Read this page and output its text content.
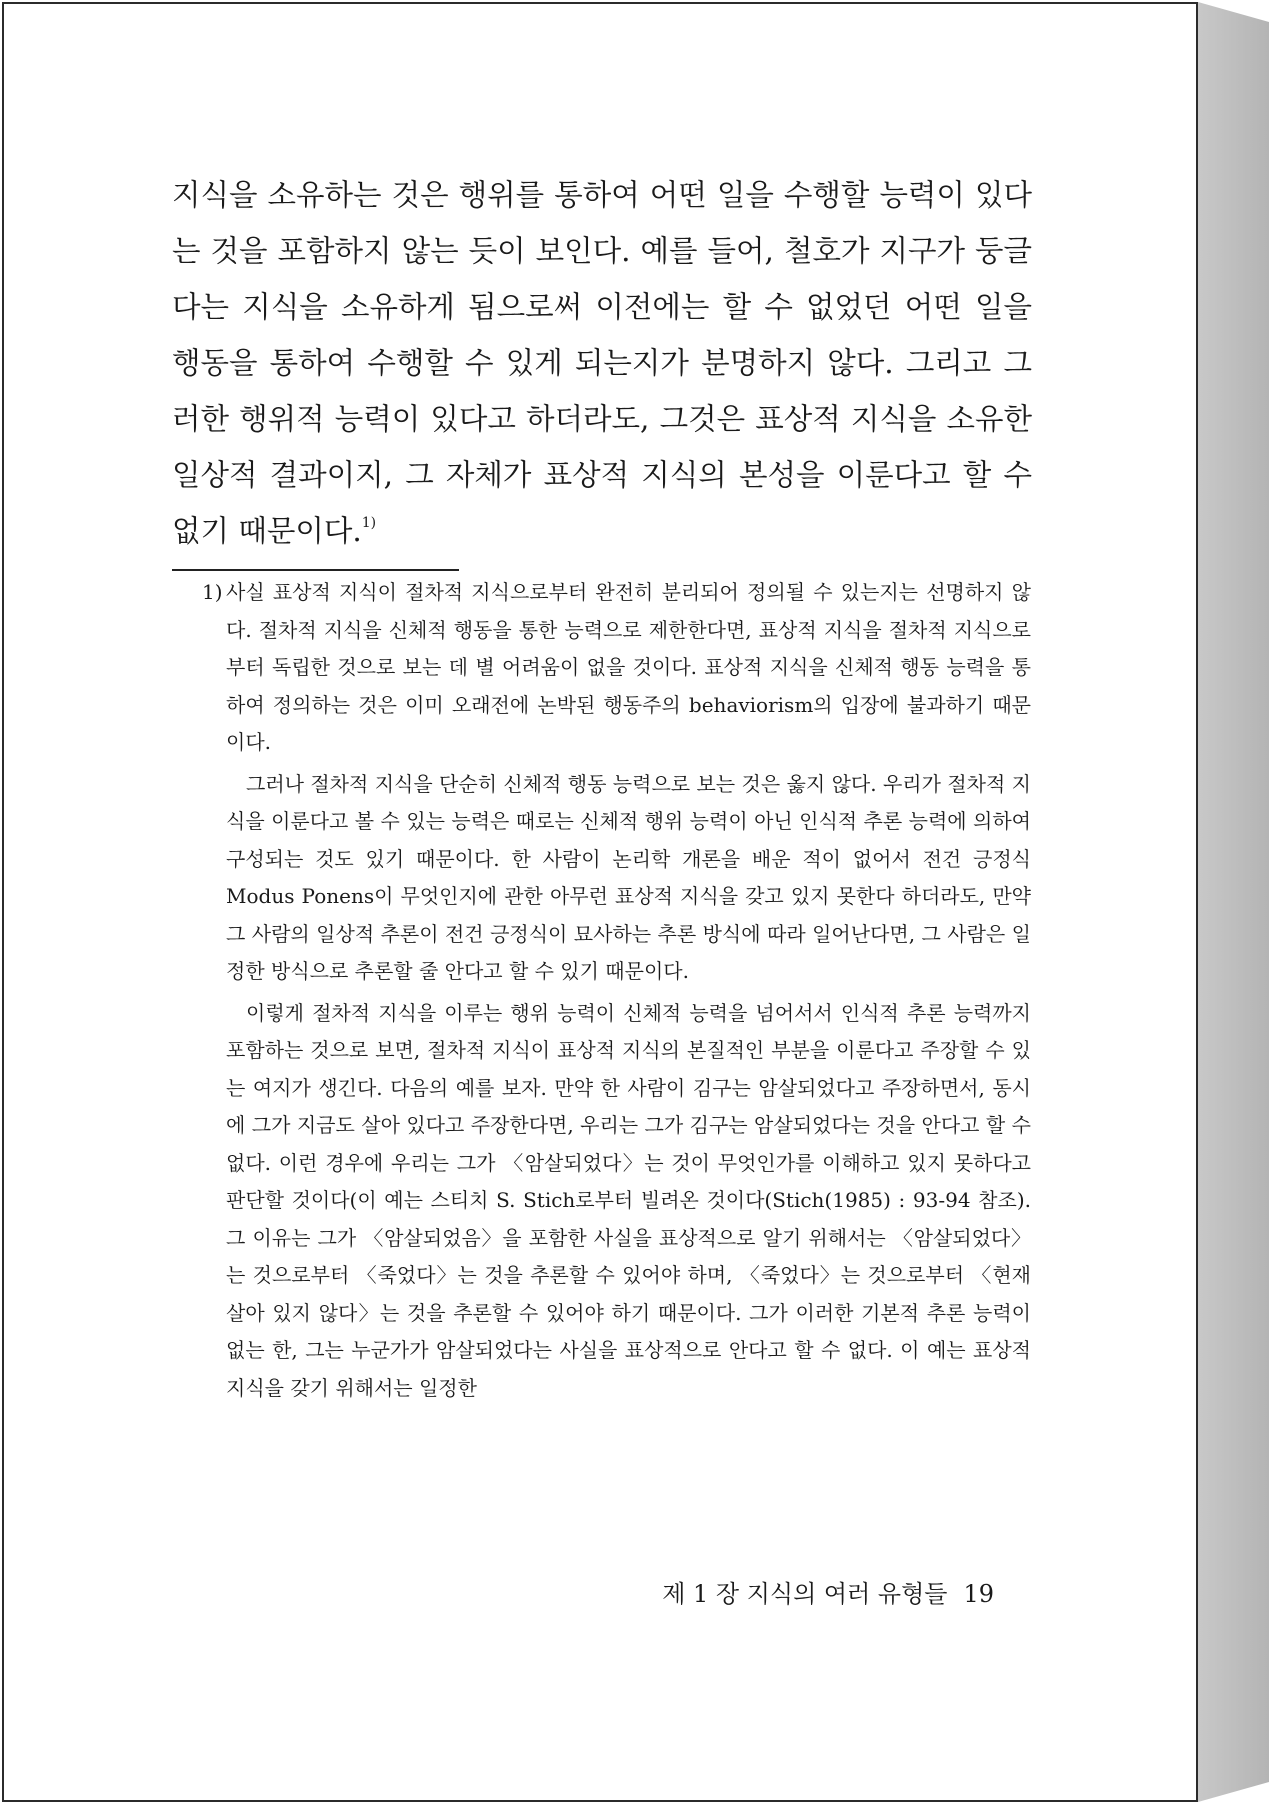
지식을 소유하는 것은 행위를 통하여 어떤 일을 수행할 능력이 있다는 것을 포함하지 않는 듯이 보인다. 예를 들어, 철호가 지구가 둥글다는 지식을 소유하게 됨으로써 이전에는 할 수 없었던 어떤 일을 행동을 통하여 수행할 수 있게 되는지가 분명하지 않다. 그리고 그러한 행위적 능력이 있다고 하더라도, 그것은 표상적 지식을 소유한 일상적 결과이지, 그 자체가 표상적 지식의 본성을 이룬다고 할 수 없기 때문이다.$^{1)}$

1) 사실 표상적 지식이 절차적 지식으로부터 완전히 분리되어 정의될 수 있는지는 선명하지 않다. 절차적 지식을 신체적 행동을 통한 능력으로 제한한다면, 표상적 지식을 절차적 지식으로부터 독립한 것으로 보는 데 별 어려움이 없을 것이다. 표상적 지식을 신체적 행동 능력을 통하여 정의하는 것은 이미 오래전에 논박된 행동주의 behaviorism의 입장에 불과하기 때문이다.

그러나 절차적 지식을 단순히 신체적 행동 능력으로 보는 것은 옳지 않다. 우리가 절차적 지식을 이룬다고 볼 수 있는 능력은 때로는 신체적 행위 능력이 아닌 인식적 추론 능력에 의하여 구성되는 것도 있기 때문이다. 한 사람이 논리학 개론을 배운 적이 없어서 전건 긍정식 Modus Ponens이 무엇인지에 관한 아무런 표상적 지식을 갖고 있지 못한다 하더라도, 만약 그 사람의 일상적 추론이 전건 긍정식이 묘사하는 추론 방식에 따라 일어난다면, 그 사람은 일정한 방식으로 추론할 줄 안다고 할 수 있기 때문이다.

이렇게 절차적 지식을 이루는 행위 능력이 신체적 능력을 넘어서서 인식적 추론 능력까지 포함하는 것으로 보면, 절차적 지식이 표상적 지식의 본질적인 부분을 이룬다고 주장할 수 있는 여지가 생긴다. 다음의 예를 보자. 만약 한 사람이 김구는 암살되었다고 주장하면서, 동시에 그가 지금도 살아 있다고 주장한다면, 우리는 그가 김구는 암살되었다는 것을 안다고 할 수 없다. 이런 경우에 우리는 그가 〈암살되었다〉는 것이 무엇인가를 이해하고 있지 못하다고 판단할 것이다(이 예는 스티치 S. Stich로부터 빌려온 것이다(Stich(1985) : 93-94 참조). 그 이유는 그가 〈암살되었음〉을 포함한 사실을 표상적으로 알기 위해서는 〈암살되었다〉는 것으로부터 〈죽었다〉는 것을 추론할 수 있어야 하며, 〈죽었다〉는 것으로부터 〈현재 살아 있지 않다〉는 것을 추론할 수 있어야 하기 때문이다. 그가 이러한 기본적 추론 능력이 없는 한, 그는 누군가가 암살되었다는 사실을 표상적으로 안다고 할 수 없다. 이 예는 표상적 지식을 갖기 위해서는 일정한

제 1 장 지식의 여러 유형들 19
